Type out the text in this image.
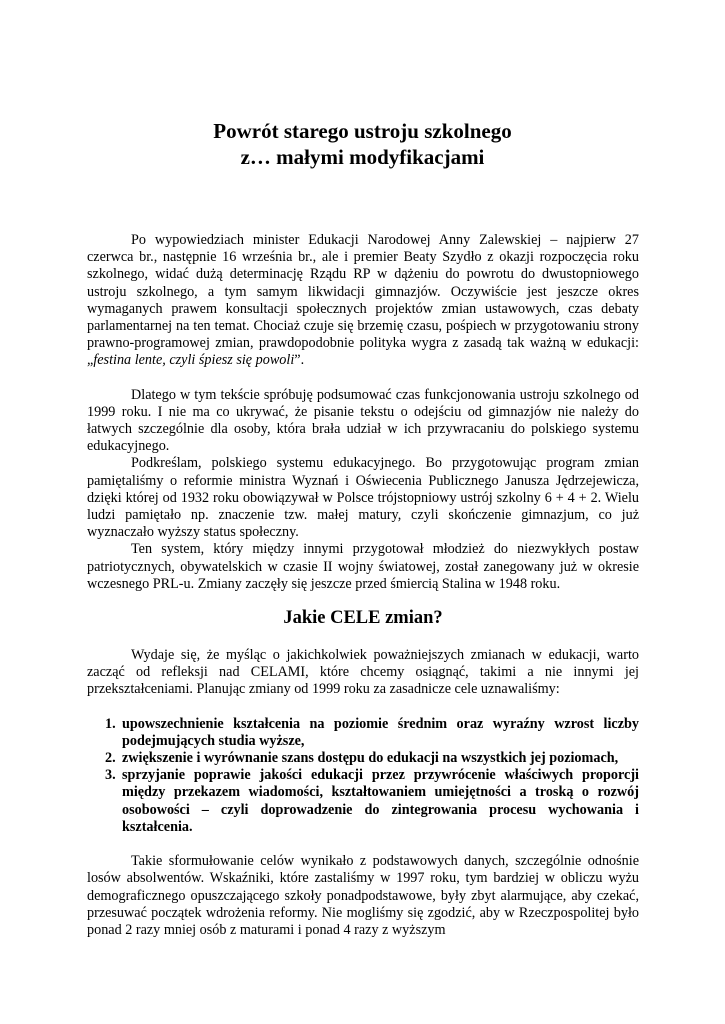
Powrót starego ustroju szkolnego
z… małymi modyfikacjami

Po wypowiedziach minister Edukacji Narodowej Anny Zalewskiej – najpierw 27 czerwca br., następnie 16 września br., ale i premier Beaty Szydło z okazji rozpoczęcia roku szkolnego, widać dużą determinację Rządu RP w dążeniu do powrotu do dwustopniowego ustroju szkolnego, a tym samym likwidacji gimnazjów. Oczywiście jest jeszcze okres wymaganych prawem konsultacji społecznych projektów zmian ustawowych, czas debaty parlamentarnej na ten temat. Chociaż czuje się brzemię czasu, pośpiech w przygotowaniu strony prawno-programowej zmian, prawdopodobnie polityka wygra z zasadą tak ważną w edukacji: „festina lente, czyli śpiesz się powoli”.

Dlatego w tym tekście spróbuję podsumować czas funkcjonowania ustroju szkolnego od 1999 roku. I nie ma co ukrywać, że pisanie tekstu o odejściu od gimnazjów nie należy do łatwych szczególnie dla osoby, która brała udział w ich przywracaniu do polskiego systemu edukacyjnego.

Podkreślam, polskiego systemu edukacyjnego. Bo przygotowując program zmian pamiętaliśmy o reformie ministra Wyznań i Oświecenia Publicznego Janusza Jędrzejewicza, dzięki której od 1932 roku obowiązywał w Polsce trójstopniowy ustrój szkolny 6 + 4 + 2. Wielu ludzi pamiętało np. znaczenie tzw. małej matury, czyli skończenie gimnazjum, co już wyznaczało wyższy status społeczny.

Ten system, który między innymi przygotował młodzież do niezwykłych postaw patriotycznych, obywatelskich w czasie II wojny światowej, został zanegowany już w okresie wczesnego PRL-u. Zmiany zaczęły się jeszcze przed śmiercią Stalina w 1948 roku.

Jakie CELE zmian?

Wydaje się, że myśląc o jakichkolwiek poważniejszych zmianach w edukacji, warto zacząć od refleksji nad CELAMI, które chcemy osiągnąć, takimi a nie innymi jej przekształceniami. Planując zmiany od 1999 roku za zasadnicze cele uznawaliśmy:

1. upowszechnienie kształcenia na poziomie średnim oraz wyraźny wzrost liczby podejmujących studia wyższe,
2. zwiększenie i wyrównanie szans dostępu do edukacji na wszystkich jej poziomach,
3. sprzyjanie poprawie jakości edukacji przez przywrócenie właściwych proporcji między przekazem wiadomości, kształtowaniem umiejętności a troską o rozwój osobowości – czyli doprowadzenie do zintegrowania procesu wychowania i kształcenia.

Takie sformułowanie celów wynikało z podstawowych danych, szczególnie odnośnie losów absolwentów. Wskaźniki, które zastaliśmy w 1997 roku, tym bardziej w obliczu wyżu demograficznego opuszczającego szkoły ponadpodstawowe, były zbyt alarmujące, aby czekać, przesuwać początek wdrożenia reformy. Nie mogliśmy się zgodzić, aby w Rzeczpospolitej było ponad 2 razy mniej osób z maturami i ponad 4 razy z wyższym
